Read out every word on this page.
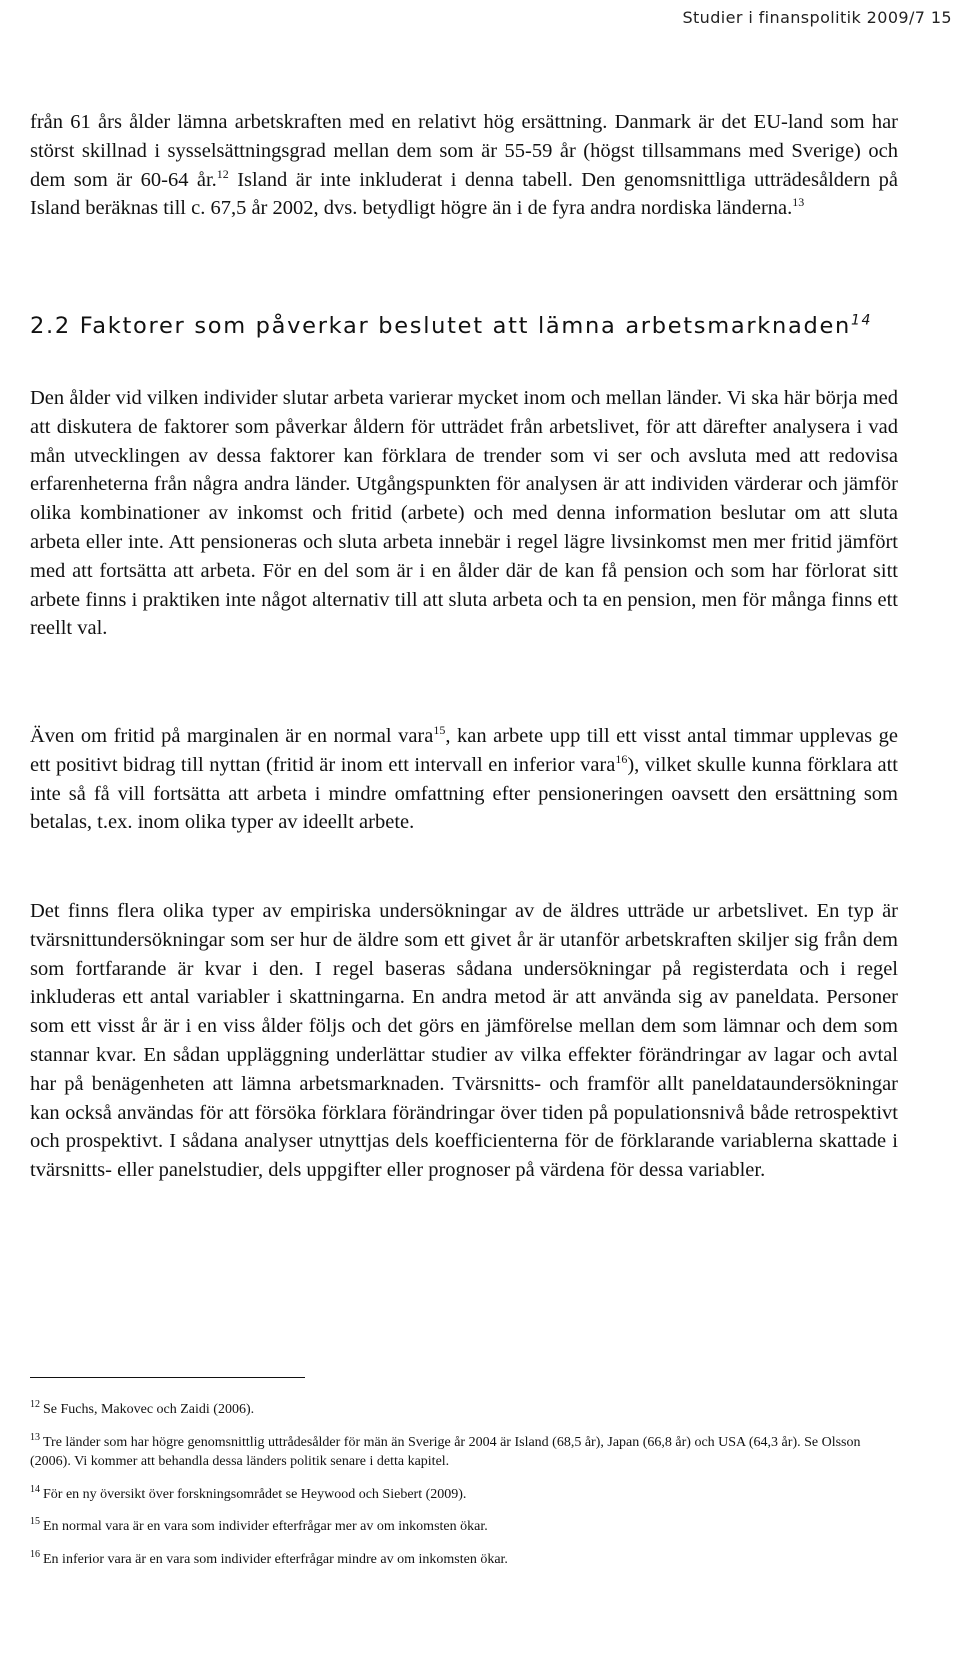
Studier i finanspolitik 2009/7 15

från 61 års ålder lämna arbetskraften med en relativt hög ersättning. Danmark är det EU-land som har störst skillnad i sysselsättningsgrad mellan dem som är 55-59 år (högst tillsammans med Sverige) och dem som är 60-64 år.$^{12}$ Island är inte inkluderat i denna tabell. Den genomsnittliga utträdesåldern på Island beräknas till c. 67,5 år 2002, dvs. betydligt högre än i de fyra andra nordiska länderna.$^{13}$

2.2 Faktorer som påverkar beslutet att lämna arbetsmarknaden$^{14}$

Den ålder vid vilken individer slutar arbeta varierar mycket inom och mellan länder. Vi ska här börja med att diskutera de faktorer som påverkar åldern för utträdet från arbetslivet, för att därefter analysera i vad mån utvecklingen av dessa faktorer kan förklara de trender som vi ser och avsluta med att redovisa erfarenheterna från några andra länder. Utgångspunkten för analysen är att individen värderar och jämför olika kombinationer av inkomst och fritid (arbete) och med denna information beslutar om att sluta arbeta eller inte. Att pensioneras och sluta arbeta innebär i regel lägre livsinkomst men mer fritid jämfört med att fortsätta att arbeta. För en del som är i en ålder där de kan få pension och som har förlorat sitt arbete finns i praktiken inte något alternativ till att sluta arbeta och ta en pension, men för många finns ett reellt val.

Även om fritid på marginalen är en normal vara$^{15}$, kan arbete upp till ett visst antal timmar upplevas ge ett positivt bidrag till nyttan (fritid är inom ett intervall en inferior vara$^{16}$), vilket skulle kunna förklara att inte så få vill fortsätta att arbeta i mindre omfattning efter pensioneringen oavsett den ersättning som betalas, t.ex. inom olika typer av ideellt arbete.

Det finns flera olika typer av empiriska undersökningar av de äldres utträde ur arbetslivet. En typ är tvärsnittundersökningar som ser hur de äldre som ett givet år är utanför arbetskraften skiljer sig från dem som fortfarande är kvar i den. I regel baseras sådana undersökningar på registerdata och i regel inkluderas ett antal variabler i skattningarna. En andra metod är att använda sig av paneldata. Personer som ett visst år är i en viss ålder följs och det görs en jämförelse mellan dem som lämnar och dem som stannar kvar. En sådan uppläggning underlättar studier av vilka effekter förändringar av lagar och avtal har på benägenheten att lämna arbetsmarknaden. Tvärsnitts- och framför allt paneldataundersökningar kan också användas för att försöka förklara förändringar över tiden på populationsnivå både retrospektivt och prospektivt. I sådana analyser utnyttjas dels koefficienterna för de förklarande variablerna skattade i tvärsnitts- eller panelstudier, dels uppgifter eller prognoser på värdena för dessa variabler.

$^{12}$ Se Fuchs, Makovec och Zaidi (2006).

$^{13}$ Tre länder som har högre genomsnittlig uttrådesålder för män än Sverige år 2004 är Island (68,5 år), Japan (66,8 år) och USA (64,3 år). Se Olsson (2006). Vi kommer att behandla dessa länders politik senare i detta kapitel.

$^{14}$ För en ny översikt över forskningsområdet se Heywood och Siebert (2009).

$^{15}$ En normal vara är en vara som individer efterfrågar mer av om inkomsten ökar.

$^{16}$ En inferior vara är en vara som individer efterfrågar mindre av om inkomsten ökar.
